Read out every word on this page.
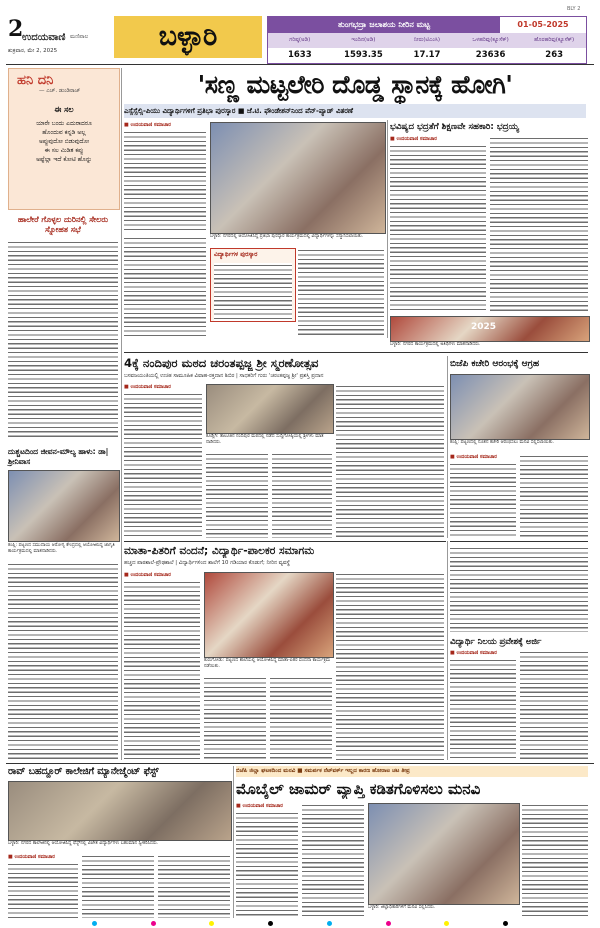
2
ಉದಯವಾಣಿ ಮಣಿಪಾಲ
ಶುಕ್ರವಾರ, ಮೇ 2, 2025	ಬಳ್ಳಾರಿ	ತುಂಗಭದ್ರಾ ಜಲಾಶಯ ನೀರಿನ ಮಟ್ಟ	01-05-2025
ಗರಿಷ್ಠ(ಅಡಿ)	ಇಂದಿನ(ಅಡಿ)	ನೀರು(ಟಿಎಂಸಿ)	ಒಳಹರಿವು(ಕ್ಯೂಸೆಕ್)	ಹೊರಹರಿವು(ಕ್ಯೂಸೆಕ್)
1633	1593.35	17.17	23636	263
BLY 2
ಹನಿ ದನಿ
— ಎಚ್. ಡುಂಡಿರಾಜ್
ಈ ಸಲ
ಯಾರೇ ಬಂದು ಎದುರಾದರೂ
ಹೊಂದುವ ಕನ್ನಡಿ ಅಲ್ಲ
ಅಪ್ಪುವುದೋ ಬಿಡುವುದೋ
ಈ ಸಲ ಮಿಡಿತ ಕಪ್ಪು
ಅಷ್ಟೆಲ್ಲಾ ಇದೆ ಕೋಟಿ ಹೊನ್ನು
ಹಾಲೇರೆ ಗೊಳ್ಳಲ ದುರಿನಲ್ಲಿ ಸೇಲರು ಸ್ನೋಹತ ಸಭೆ
ದುಶ್ಚಟದಿಂದ ಜೀವನ-ಮೌಲ್ಯ ಹಾಳು: ಡಾ|ಶ್ರೀನಿವಾಸ
ಕಂಪ್ಲಿ: ಪಟ್ಟಣದ ಸಮುದಾಯ ಆರೋಗ್ಯ ಕೇಂದ್ರದಲ್ಲಿ ಆಯೋಜಿಸಿದ್ದ ಜಾಗೃತಿ ಕಾರ್ಯಕ್ರಮದಲ್ಲಿ ಮಾತನಾಡಿದರು.
'ಸಣ್ಣ ಮಟ್ಟಲೇರಿ ದೊಡ್ಡ ಸ್ಥಾನಕ್ಕೆ ಹೋಗಿ'
ಎಸ್ಸೆಸ್ಸೆಲ್ಸಿ-ಪಿಯು ವಿದ್ಯಾರ್ಥಿಗಳಿಗೆ ಪ್ರತಿಭಾ ಪುರಸ್ಕಾರ ■ ಜೆ.ಟಿ. ಫೌಂಡೇಶನ್‌ನಿಂದ ಪೆನ್-ಪ್ಯಾಡ್ ವಿತರಣೆ
■ ಉದಯವಾಣಿ ಸಮಾಚಾರ
ಬಳ್ಳಾರಿ: ನಗರದಲ್ಲಿ ಆಯೋಜಿಸಿದ್ದ ಪ್ರತಿಭಾ ಪುರಸ್ಕಾರ ಕಾರ್ಯಕ್ರಮದಲ್ಲಿ ವಿದ್ಯಾರ್ಥಿಗಳನ್ನು ಸನ್ಮಾನಿಸಲಾಯಿತು.
ವಿದ್ಯಾರ್ಥಿಗಳ ಪುರಸ್ಕಾರ
ಭವಿಷ್ಯದ ಭದ್ರತೆಗೆ ಶಿಕ್ಷಣವೇ ಸಹಕಾರಿ: ಭದ್ರಯ್ಯ
■ ಉದಯವಾಣಿ ಸಮಾಚಾರ
2025
ಬಳ್ಳಾರಿ: ನಗರದ ಕಾರ್ಯಕ್ರಮದಲ್ಲಿ ಅತಿಥಿಗಳು ಮಾತನಾಡಿದರು.
4ಕ್ಕೆ ನಂದಿಪುರ ಮಠದ ಚರಂತಪ್ಪಜ್ಜ ಶ್ರೀ ಸ್ಮರಣೋತ್ಸವ
ಬಸವಜಯಂತಿಯಲ್ಲಿ ಉಚಿತ ಸಾಮೂಹಿಕ ವಿವಾಹ-ರಕ್ತದಾನ ಶಿಬಿರ | ಸಾಧಕರಿಗೆ ಗುರು 'ಚರಂತಪ್ಪಜ್ಜ ಶ್ರೀ' ಪ್ರಶಸ್ತಿ ಪ್ರದಾನ
■ ಉದಯವಾಣಿ ಸಮಾಚಾರ
ಕೂಡ್ಲಿಗಿ: ತಾಲೂಕಿನ ನಂದಿಪುರ ಮಠದಲ್ಲಿ ನಡೆದ ಸುದ್ದಿಗೋಷ್ಠಿಯಲ್ಲಿ ಶ್ರೀಗಳು ಮಾತನಾಡಿದರು.
ಬಿಜೆಪಿ ಕಚೇರಿ ಆರಂಭಕ್ಕೆ ಆಗ್ರಹ
ಕಂಪ್ಲಿ: ಪಟ್ಟಣದಲ್ಲಿ ನೂತನ ಕಚೇರಿ ಆರಂಭಿಸಲು ಮನವಿ ಸಲ್ಲಿಸಲಾಯಿತು.
■ ಉದಯವಾಣಿ ಸಮಾಚಾರ
ಮಾತಾ-ಪಿತರಿಗೆ ವಂದನೆ; ವಿದ್ಯಾರ್ಥಿ-ಪಾಲಕರ ಸಮಾಗಮ
ಹಚ್ಚದ ಪಾಠಶಾಲೆ-ಪ್ರೌಢಶಾಲೆ | ವಿದ್ಯಾರ್ಥಿಗಳಿಂದ ಶಾಲೆಗೆ 10 ಗಡಿಯಾರ ಕೊಡುಗೆ; ನೀರಿನ ವ್ಯವಸ್ಥೆ
■ ಉದಯವಾಣಿ ಸಮಾಚಾರ
ಕುರುಗೋಡು: ಪಟ್ಟಣದ ಶಾಲೆಯಲ್ಲಿ ಆಯೋಜಿಸಿದ್ದ ಮಾತಾ-ಪಿತರ ವಂದನಾ ಕಾರ್ಯಕ್ರಮ ನಡೆಯಿತು.
ವಿದ್ಯಾರ್ಥಿ ನಿಲಯ ಪ್ರವೇಶಕ್ಕೆ ಅರ್ಜಿ
■ ಉದಯವಾಣಿ ಸಮಾಚಾರ
ರಾವ್ ಬಹದ್ದೂರ್ ಕಾಲೇಜಿಗೆ ಮ್ಯಾನೇಜ್ಮೆಂಟ್ ಫೆಸ್ಟ್
ಬಳ್ಳಾರಿ: ನಗರದ ಕಾಲೇಜಿನಲ್ಲಿ ಆಯೋಜಿಸಿದ್ದ ಫೆಸ್ಟ್‌ನಲ್ಲಿ ವಿಜೇತ ವಿದ್ಯಾರ್ಥಿಗಳು ಬಹುಮಾನ ಸ್ವೀಕರಿಸಿದರು.
■ ಉದಯವಾಣಿ ಸಮಾಚಾರ
ಬಿಜೆಪಿ ಜಿಲ್ಲಾ ಘಟಕದಿಂದ ಮನವಿ ■ ಸಮರ್ಪಕ ನೆಟ್‌ವರ್ಕ್ ಇಲ್ಲದ ಕಾರಣ ಹೋರಾಟ ಚಟ ತೀವ್ರ
ಮೊಬೈಲ್ ಜಾಮರ್ ವ್ಯಾಪ್ತಿ ಕಡಿತಗೊಳಿಸಲು ಮನವಿ
■ ಉದಯವಾಣಿ ಸಮಾಚಾರ
ಬಳ್ಳಾರಿ: ಜಿಲ್ಲಾಧಿಕಾರಿಗಳಿಗೆ ಮನವಿ ಸಲ್ಲಿಸಿದರು.
